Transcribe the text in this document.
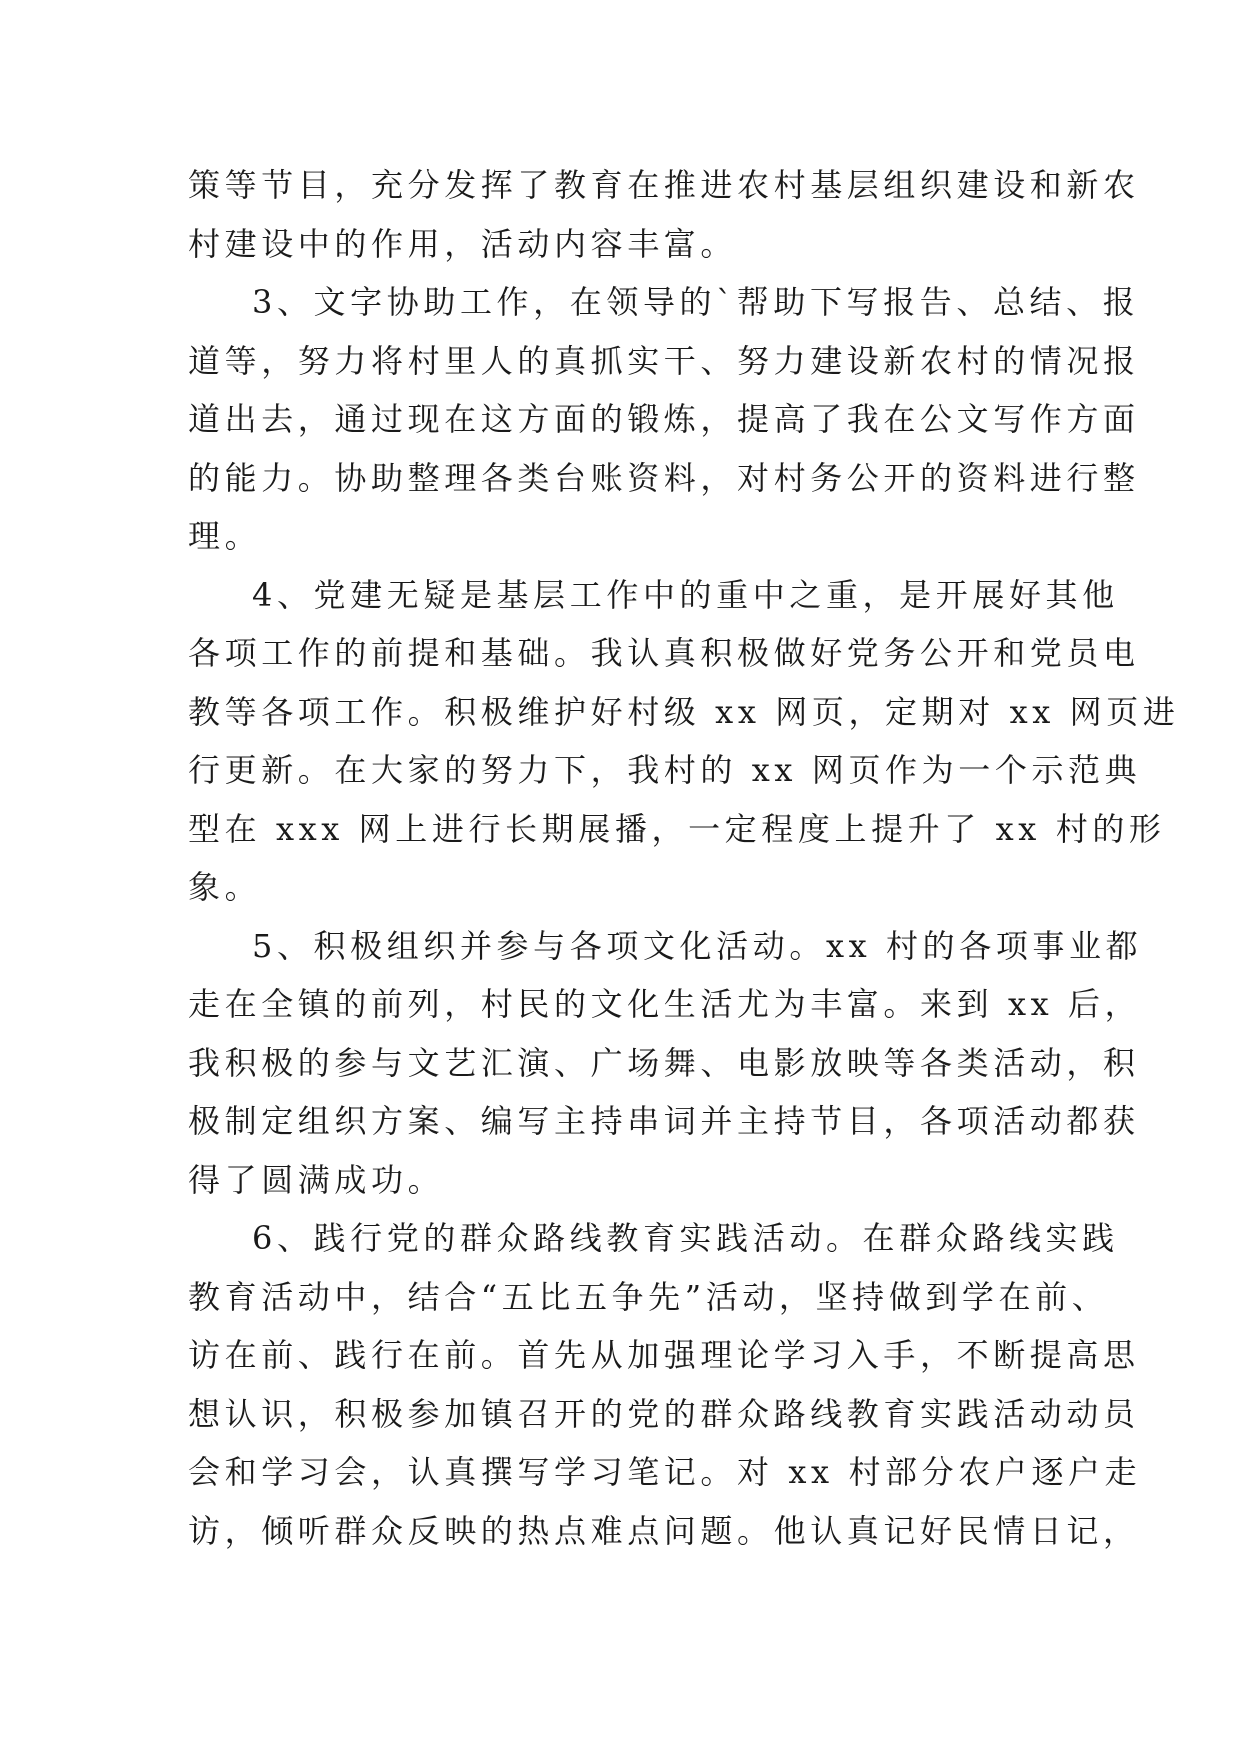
策等节目，充分发挥了教育在推进农村基层组织建设和新农
村建设中的作用，活动内容丰富。

3、文字协助工作，在领导的`帮助下写报告、总结、报
道等，努力将村里人的真抓实干、努力建设新农村的情况报
道出去，通过现在这方面的锻炼，提高了我在公文写作方面
的能力。协助整理各类台账资料，对村务公开的资料进行整
理。

4、党建无疑是基层工作中的重中之重，是开展好其他
各项工作的前提和基础。我认真积极做好党务公开和党员电
教等各项工作。积极维护好村级 xx 网页，定期对 xx 网页进
行更新。在大家的努力下，我村的 xx 网页作为一个示范典
型在 xxx 网上进行长期展播，一定程度上提升了 xx 村的形
象。

5、积极组织并参与各项文化活动。xx 村的各项事业都
走在全镇的前列，村民的文化生活尤为丰富。来到 xx 后，
我积极的参与文艺汇演、广场舞、电影放映等各类活动，积
极制定组织方案、编写主持串词并主持节目，各项活动都获
得了圆满成功。

6、践行党的群众路线教育实践活动。在群众路线实践
教育活动中，结合“五比五争先”活动，坚持做到学在前、
访在前、践行在前。首先从加强理论学习入手，不断提高思
想认识，积极参加镇召开的党的群众路线教育实践活动动员
会和学习会，认真撰写学习笔记。对 xx 村部分农户逐户走
访，倾听群众反映的热点难点问题。他认真记好民情日记，
